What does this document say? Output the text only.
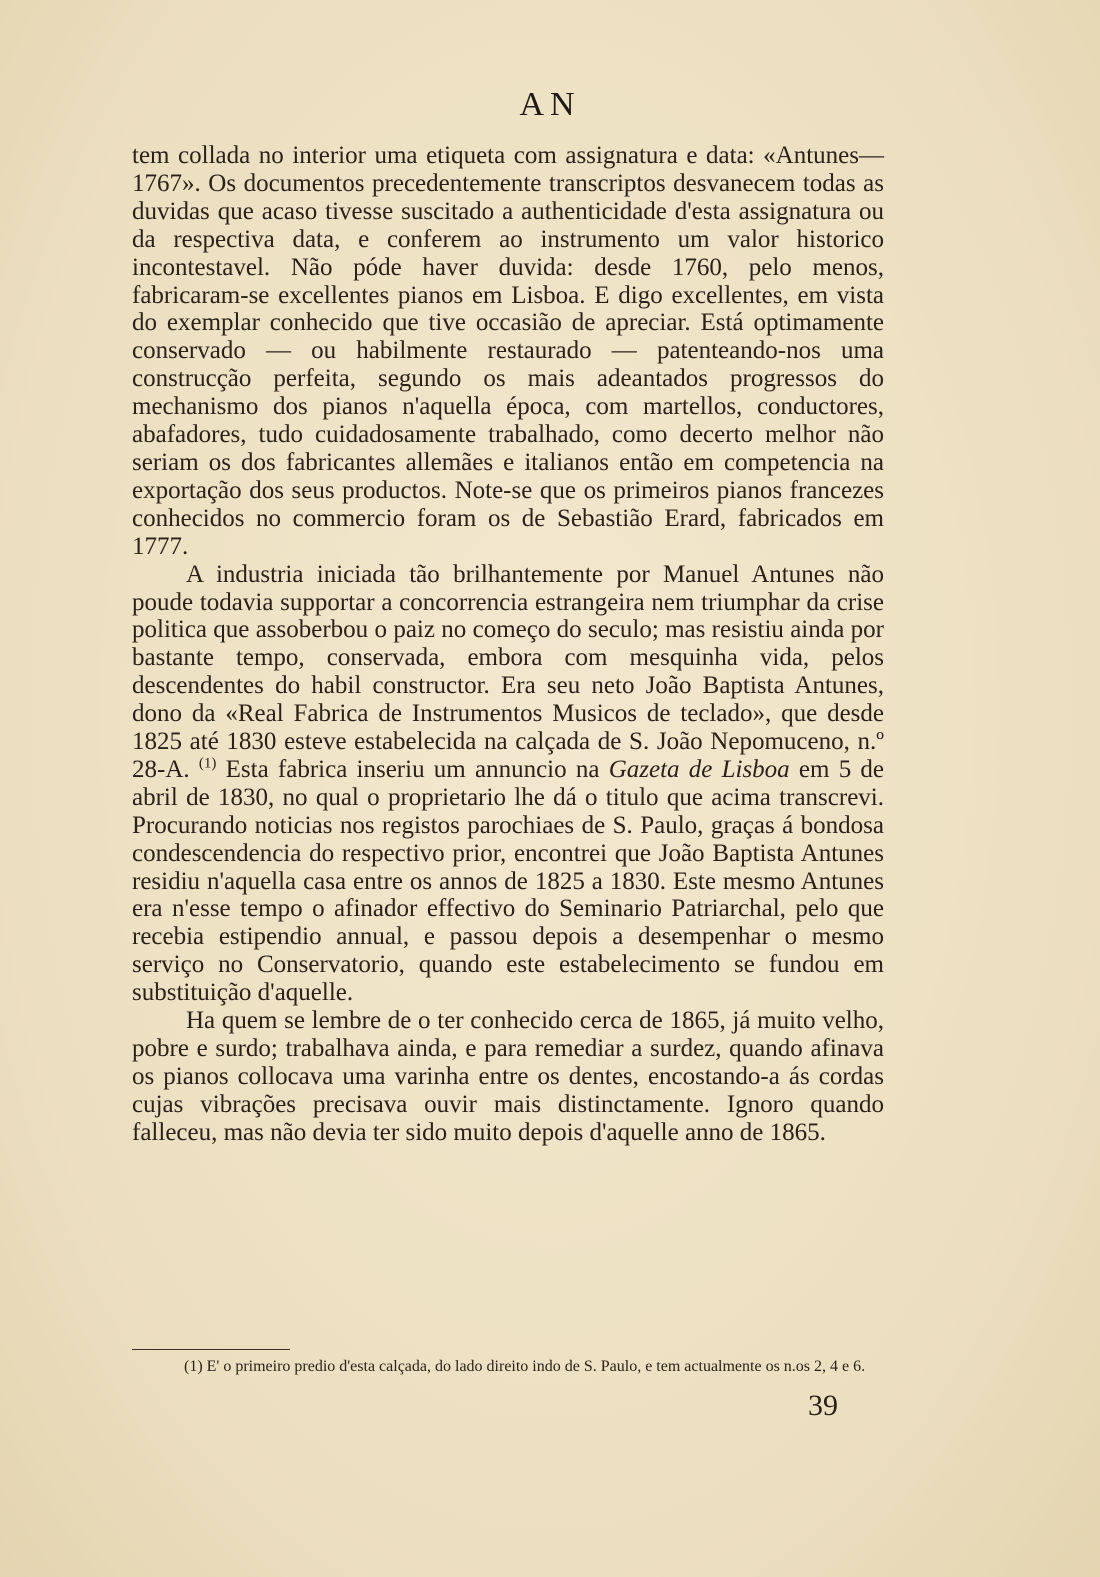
AN

tem collada no interior uma etiqueta com assignatura e data: «Antunes—1767». Os documentos precedentemente transcriptos desvanecem todas as duvidas que acaso tivesse suscitado a authenticidade d'esta assignatura ou da respectiva data, e conferem ao instrumento um valor historico incontestavel. Não póde haver duvida: desde 1760, pelo menos, fabricaram-se excellentes pianos em Lisboa. E digo excellentes, em vista do exemplar conhecido que tive occasião de apreciar. Está optimamente conservado — ou habilmente restaurado — patenteando-nos uma construcção perfeita, segundo os mais adeantados progressos do mechanismo dos pianos n'aquella época, com martellos, conductores, abafadores, tudo cuidadosamente trabalhado, como decerto melhor não seriam os dos fabricantes allemães e italianos então em competencia na exportação dos seus productos. Note-se que os primeiros pianos francezes conhecidos no commercio foram os de Sebastião Erard, fabricados em 1777.

A industria iniciada tão brilhantemente por Manuel Antunes não poude todavia supportar a concorrencia estrangeira nem triumphar da crise politica que assoberbou o paiz no começo do seculo; mas resistiu ainda por bastante tempo, conservada, embora com mesquinha vida, pelos descendentes do habil constructor. Era seu neto João Baptista Antunes, dono da «Real Fabrica de Instrumentos Musicos de teclado», que desde 1825 até 1830 esteve estabelecida na calçada de S. João Nepomuceno, n.º 28-A. $^{(1)}$ Esta fabrica inseriu um annuncio na Gazeta de Lisboa em 5 de abril de 1830, no qual o proprietario lhe dá o titulo que acima transcrevi. Procurando noticias nos registos parochiaes de S. Paulo, graças á bondosa condescendencia do respectivo prior, encontrei que João Baptista Antunes residiu n'aquella casa entre os annos de 1825 a 1830. Este mesmo Antunes era n'esse tempo o afinador effectivo do Seminario Patriarchal, pelo que recebia estipendio annual, e passou depois a desempenhar o mesmo serviço no Conservatorio, quando este estabelecimento se fundou em substituição d'aquelle.

Ha quem se lembre de o ter conhecido cerca de 1865, já muito velho, pobre e surdo; trabalhava ainda, e para remediar a surdez, quando afinava os pianos collocava uma varinha entre os dentes, encostando-a ás cordas cujas vibrações precisava ouvir mais distinctamente. Ignoro quando falleceu, mas não devia ter sido muito depois d'aquelle anno de 1865.

(1) E' o primeiro predio d'esta calçada, do lado direito indo de S. Paulo, e tem actualmente os n.os 2, 4 e 6.

39
